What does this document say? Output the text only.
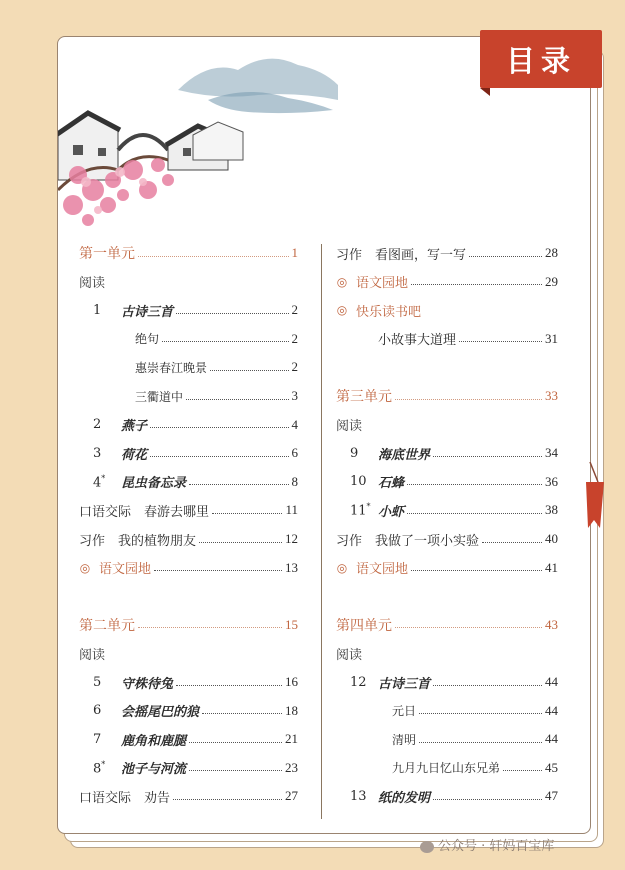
目录
第一单元	1
阅读
1	古诗三首	2
绝句	2
惠崇春江晚景	2
三衢道中	3
2	燕子	4
3	荷花	6
4*	昆虫备忘录	8
口语交际　春游去哪里	11
习作　我的植物朋友	12
◎ 语文园地	13
第二单元	15
阅读
5	守株待兔	16
6	会摇尾巴的狼	18
7	鹿角和鹿腿	21
8*	池子与河流	23
口语交际　劝告	27
习作　看图画，写一写	28
◎ 语文园地	29
◎ 快乐读书吧
小故事大道理	31
第三单元	33
阅读
9	海底世界	34
10 石蜂	36
11* 小虾	38
习作　我做了一项小实验	40
◎ 语文园地	41
第四单元	43
阅读
12 古诗三首	44
元日	44
清明	44
九月九日忆山东兄弟	45
13 纸的发明	47
公众号 · 轩妈百宝库
